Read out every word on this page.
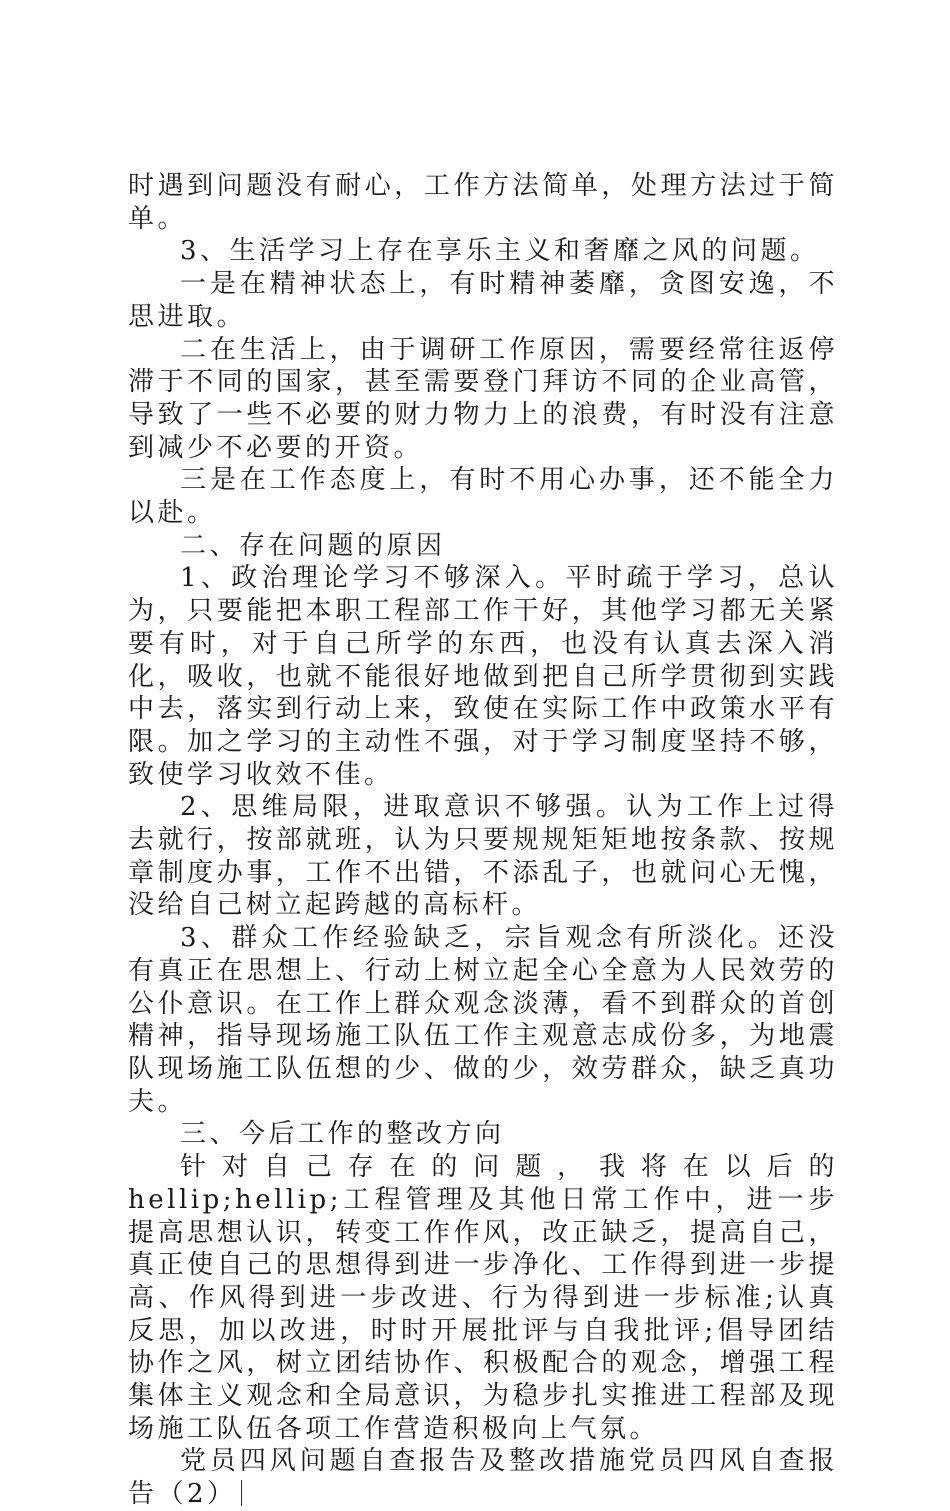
时遇到问题没有耐心，工作方法简单，处理方法过于简单。

3、生活学习上存在享乐主义和奢靡之风的问题。

一是在精神状态上，有时精神萎靡，贪图安逸，不思进取。

二在生活上，由于调研工作原因，需要经常往返停滞于不同的国家，甚至需要登门拜访不同的企业高管，导致了一些不必要的财力物力上的浪费，有时没有注意到减少不必要的开资。

三是在工作态度上，有时不用心办事，还不能全力以赴。

二、存在问题的原因

1、政治理论学习不够深入。平时疏于学习，总认为，只要能把本职工程部工作干好，其他学习都无关紧要有时，对于自己所学的东西，也没有认真去深入消化，吸收，也就不能很好地做到把自己所学贯彻到实践中去，落实到行动上来，致使在实际工作中政策水平有限。加之学习的主动性不强，对于学习制度坚持不够，致使学习收效不佳。

2、思维局限，进取意识不够强。认为工作上过得去就行，按部就班，认为只要规规矩矩地按条款、按规章制度办事，工作不出错，不添乱子，也就问心无愧，没给自己树立起跨越的高标杆。

3、群众工作经验缺乏，宗旨观念有所淡化。还没有真正在思想上、行动上树立起全心全意为人民效劳的公仆意识。在工作上群众观念淡薄，看不到群众的首创精神，指导现场施工队伍工作主观意志成份多，为地震队现场施工队伍想的少、做的少，效劳群众，缺乏真功夫。

三、今后工作的整改方向

针对自己存在的问题，我将在以后的hellip;hellip;工程管理及其他日常工作中，进一步提高思想认识，转变工作作风，改正缺乏，提高自己，真正使自己的思想得到进一步净化、工作得到进一步提高、作风得到进一步改进、行为得到进一步标准;认真反思，加以改进，时时开展批评与自我批评;倡导团结协作之风，树立团结协作、积极配合的观念，增强工程集体主义观念和全局意识，为稳步扎实推进工程部及现场施工队伍各项工作营造积极向上气氛。

党员四风问题自查报告及整改措施党员四风自查报告（2）
